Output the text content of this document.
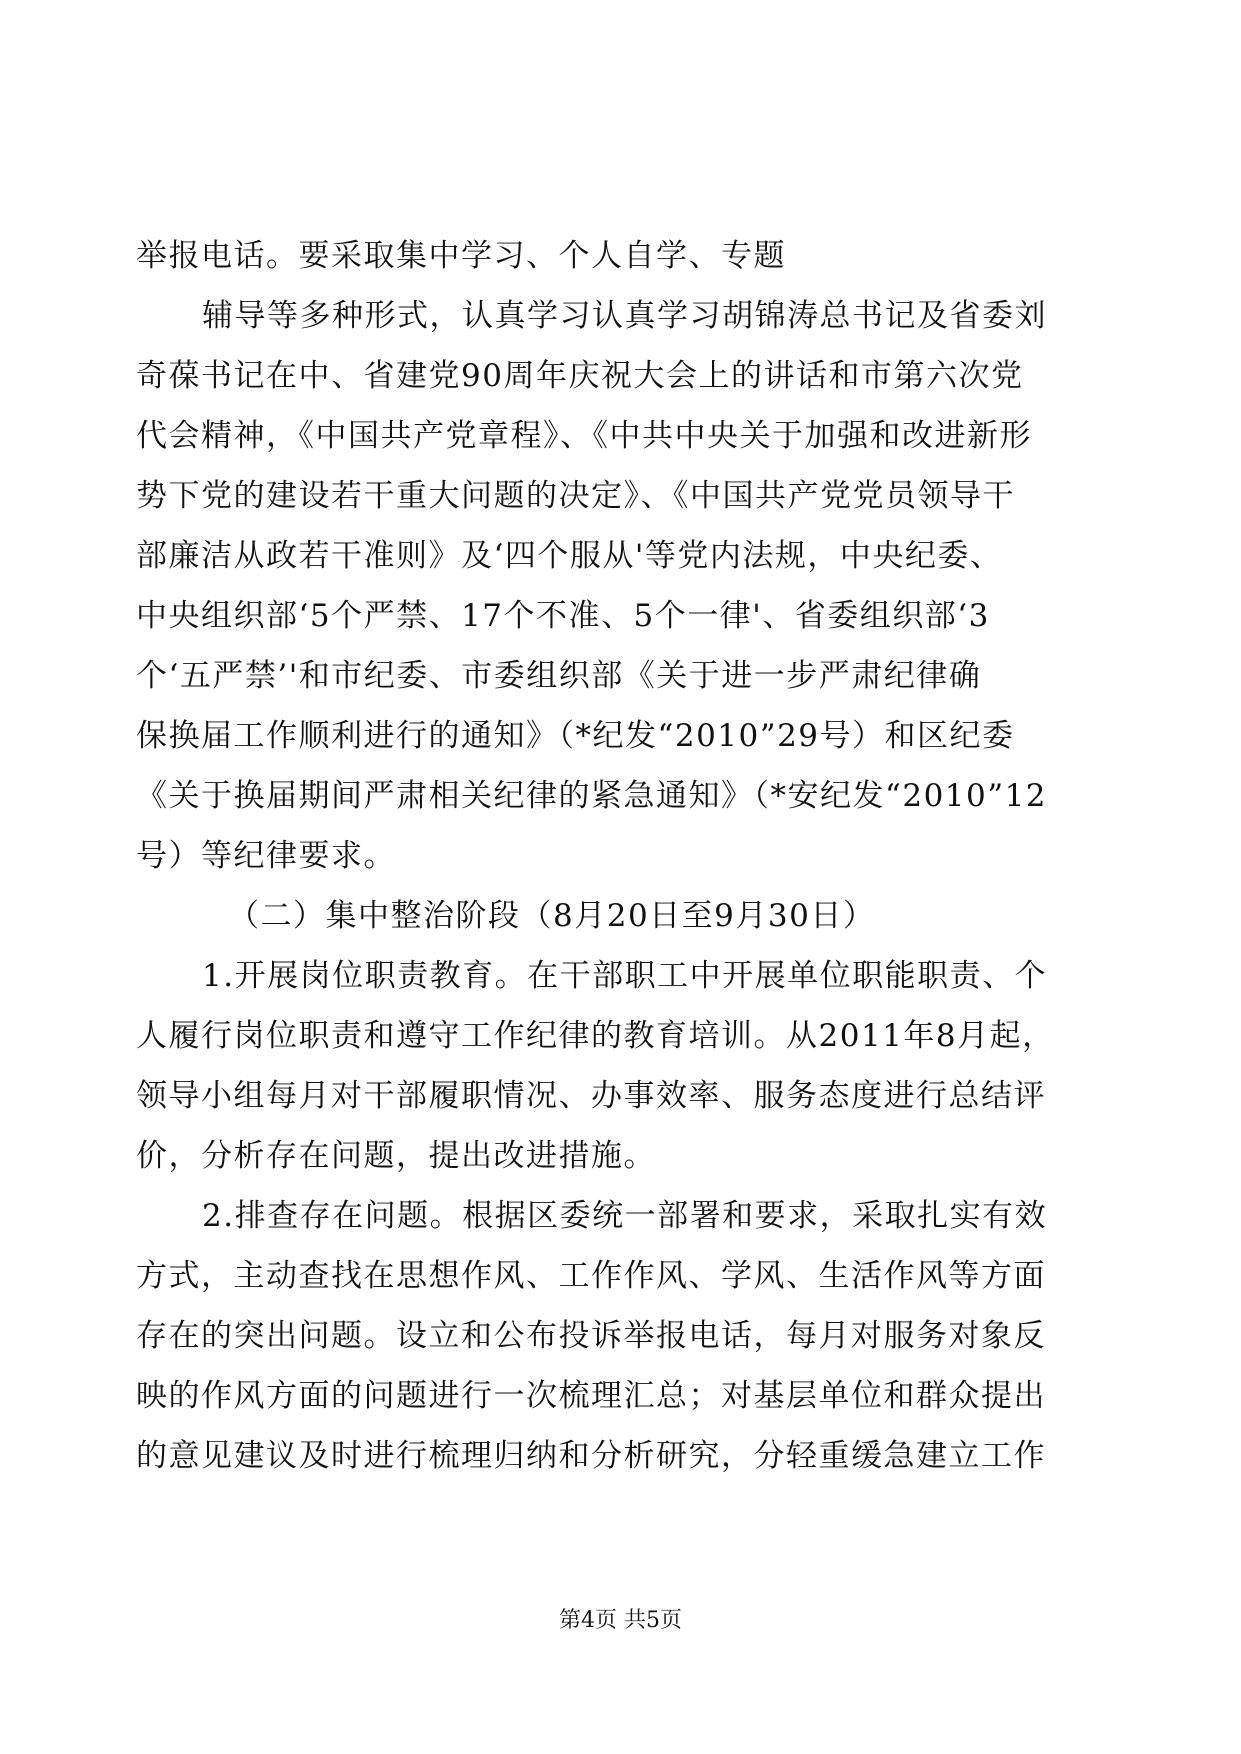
举报电话。要采取集中学习、个人自学、专题
辅导等多种形式，认真学习认真学习胡锦涛总书记及省委刘
奇葆书记在中、省建党90周年庆祝大会上的讲话和市第六次党
代会精神，《中国共产党章程》、《中共中央关于加强和改进新形
势下党的建设若干重大问题的决定》、《中国共产党党员领导干
部廉洁从政若干准则》及‘四个服从'等党内法规，中央纪委、
中央组织部‘5个严禁、17个不准、5个一律'、省委组织部‘3
个‘五严禁’'和市纪委、市委组织部《关于进一步严肃纪律确
保换届工作顺利进行的通知》（*纪发“2010”29号）和区纪委
《关于换届期间严肃相关纪律的紧急通知》（*安纪发“2010”12
号）等纪律要求。
（二）集中整治阶段（8月20日至9月30日）
1.开展岗位职责教育。在干部职工中开展单位职能职责、个
人履行岗位职责和遵守工作纪律的教育培训。从2011年8月起，
领导小组每月对干部履职情况、办事效率、服务态度进行总结评
价，分析存在问题，提出改进措施。
2.排查存在问题。根据区委统一部署和要求，采取扎实有效
方式，主动查找在思想作风、工作作风、学风、生活作风等方面
存在的突出问题。设立和公布投诉举报电话，每月对服务对象反
映的作风方面的问题进行一次梳理汇总；对基层单位和群众提出
的意见建议及时进行梳理归纳和分析研究，分轻重缓急建立工作
第4页 共5页
